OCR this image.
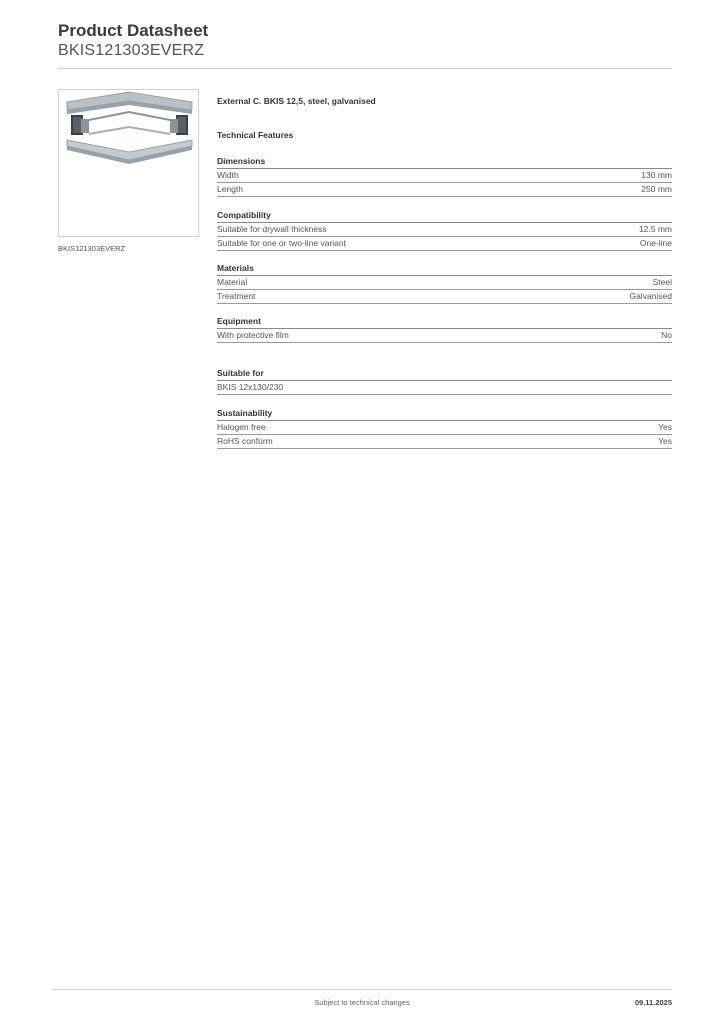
Product Datasheet
BKIS121303EVERZ
BKIS121303EVERZ
External C. BKIS 12,5, steel, galvanised
Technical Features
Dimensions
Width	130 mm
Length	250 mm
Compatibility
Suitable for drywall thickness	12.5 mm
Suitable for one or two-line variant	One-line
Materials
Material	Steel
Treatment	Galvanised
Equipment
With protective film	No
Suitable for
BKIS 12x130/230
Sustainability
Halogen free	Yes
RoHS conform	Yes
Subject to technical changes	09.11.2025
